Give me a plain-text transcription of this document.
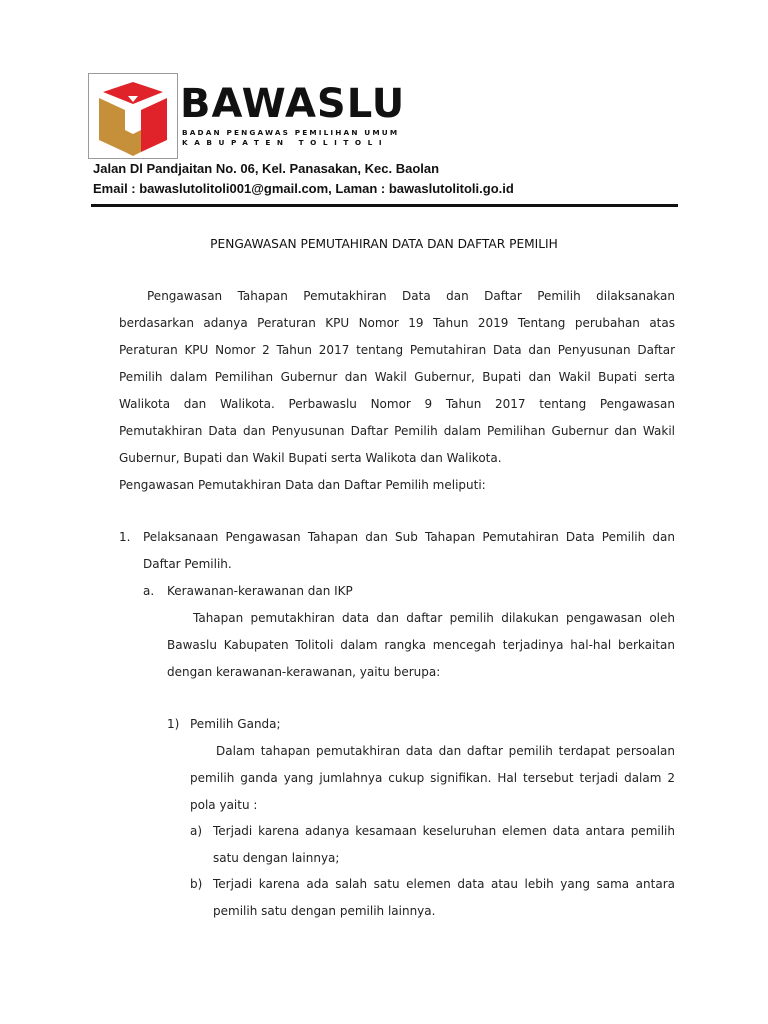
BAWASLU
BADAN PENGAWAS PEMILIHAN UMUM
KABUPATEN TOLITOLI
Jalan Dl Pandjaitan No. 06, Kel. Panasakan, Kec. Baolan
Email : bawaslutolitoli001@gmail.com, Laman : bawaslutolitoli.go.id
PENGAWASAN PEMUTAHIRAN DATA DAN DAFTAR PEMILIH
Pengawasan Tahapan Pemutakhiran Data dan Daftar Pemilih dilaksanakan
berdasarkan adanya Peraturan KPU Nomor 19 Tahun 2019 Tentang perubahan atas
Peraturan KPU Nomor 2 Tahun 2017 tentang Pemutahiran Data dan Penyusunan Daftar
Pemilih dalam Pemilihan Gubernur dan Wakil Gubernur, Bupati dan Wakil Bupati serta
Walikota dan Walikota. Perbawaslu Nomor 9 Tahun 2017 tentang Pengawasan
Pemutakhiran Data dan Penyusunan Daftar Pemilih dalam Pemilihan Gubernur dan Wakil
Gubernur, Bupati dan Wakil Bupati serta Walikota dan Walikota.
Pengawasan Pemutakhiran Data dan Daftar Pemilih meliputi:
1. Pelaksanaan Pengawasan Tahapan dan Sub Tahapan Pemutahiran Data Pemilih dan
Daftar Pemilih.
a. Kerawanan-kerawanan dan IKP
Tahapan pemutakhiran data dan daftar pemilih dilakukan pengawasan oleh
Bawaslu Kabupaten Tolitoli dalam rangka mencegah terjadinya hal-hal berkaitan
dengan kerawanan-kerawanan, yaitu berupa:
1) Pemilih Ganda;
Dalam tahapan pemutakhiran data dan daftar pemilih terdapat persoalan
pemilih ganda yang jumlahnya cukup signifikan. Hal tersebut terjadi dalam 2
pola yaitu :
a) Terjadi karena adanya kesamaan keseluruhan elemen data antara pemilih
satu dengan lainnya;
b) Terjadi karena ada salah satu elemen data atau lebih yang sama antara
pemilih satu dengan pemilih lainnya.
